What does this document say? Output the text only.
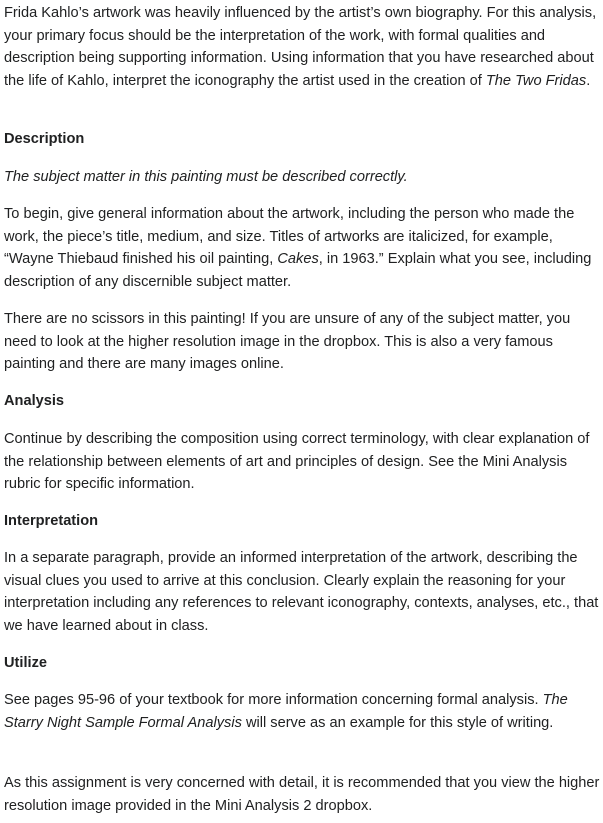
Frida Kahlo’s artwork was heavily influenced by the artist’s own biography. For this analysis, your primary focus should be the interpretation of the work, with formal qualities and description being supporting information. Using information that you have researched about the life of Kahlo, interpret the iconography the artist used in the creation of The Two Fridas.

Description

The subject matter in this painting must be described correctly.

To begin, give general information about the artwork, including the person who made the work, the piece’s title, medium, and size. Titles of artworks are italicized, for example, “Wayne Thiebaud finished his oil painting, Cakes, in 1963.” Explain what you see, including description of any discernible subject matter.

There are no scissors in this painting! If you are unsure of any of the subject matter, you need to look at the higher resolution image in the dropbox. This is also a very famous painting and there are many images online.

Analysis

Continue by describing the composition using correct terminology, with clear explanation of the relationship between elements of art and principles of design. See the Mini Analysis rubric for specific information.

Interpretation

In a separate paragraph, provide an informed interpretation of the artwork, describing the visual clues you used to arrive at this conclusion. Clearly explain the reasoning for your interpretation including any references to relevant iconography, contexts, analyses, etc., that we have learned about in class.

Utilize

See pages 95-96 of your textbook for more information concerning formal analysis. The Starry Night Sample Formal Analysis will serve as an example for this style of writing.

As this assignment is very concerned with detail, it is recommended that you view the higher resolution image provided in the Mini Analysis 2 dropbox.
